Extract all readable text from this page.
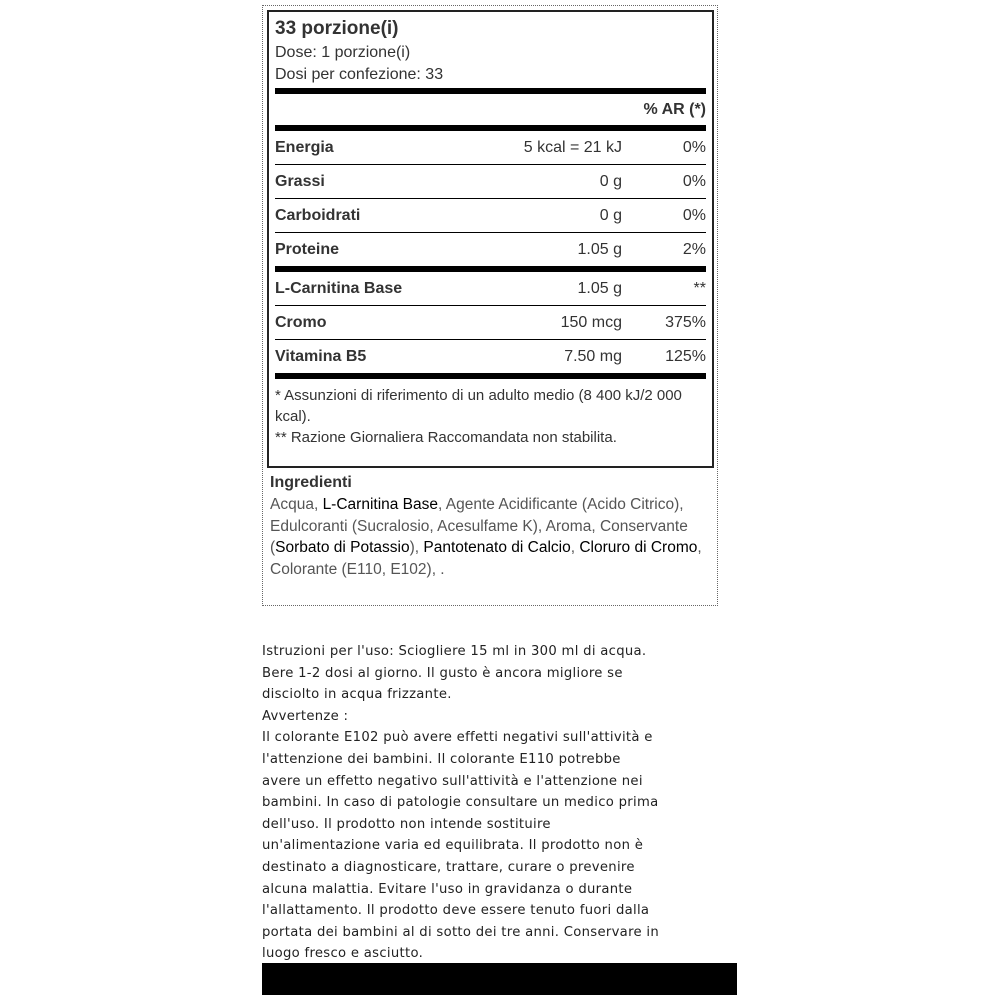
33 porzione(i)
Dose: 1 porzione(i)
Dosi per confezione: 33
% AR (*)
Energia	5 kcal = 21 kJ	0%
Grassi	0 g	0%
Carboidrati	0 g	0%
Proteine	1.05 g	2%
L-Carnitina Base	1.05 g	**
Cromo	150 mcg	375%
Vitamina B5	7.50 mg	125%
* Assunzioni di riferimento di un adulto medio (8 400 kJ/2 000 kcal).
** Razione Giornaliera Raccomandata non stabilita.
Ingredienti
Acqua, L-Carnitina Base, Agente Acidificante (Acido Citrico), Edulcoranti (Sucralosio, Acesulfame K), Aroma, Conservante (Sorbato di Potassio), Pantotenato di Calcio, Cloruro di Cromo, Colorante (E110, E102), .
Istruzioni per l'uso: Sciogliere 15 ml in 300 ml di acqua.
Bere 1-2 dosi al giorno. Il gusto è ancora migliore se
disciolto in acqua frizzante.
Avvertenze :
Il colorante E102 può avere effetti negativi sull'attività e
l'attenzione dei bambini. Il colorante E110 potrebbe
avere un effetto negativo sull'attività e l'attenzione nei
bambini. In caso di patologie consultare un medico prima
dell'uso. Il prodotto non intende sostituire
un'alimentazione varia ed equilibrata. Il prodotto non è
destinato a diagnosticare, trattare, curare o prevenire
alcuna malattia. Evitare l'uso in gravidanza o durante
l'allattamento. Il prodotto deve essere tenuto fuori dalla
portata dei bambini al di sotto dei tre anni. Conservare in
luogo fresco e asciutto.
